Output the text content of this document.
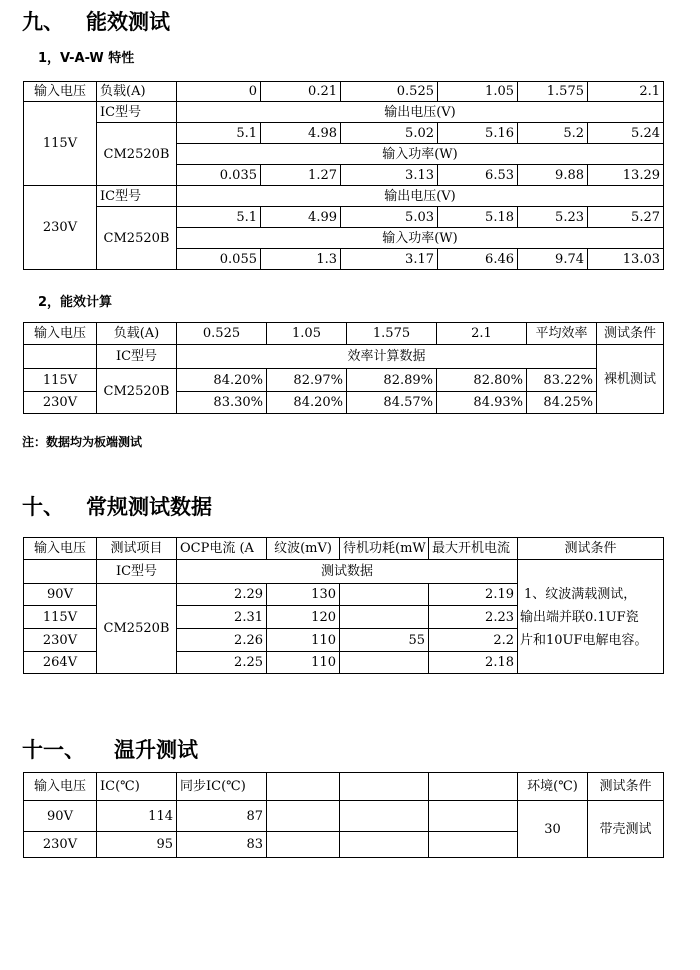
九、 能效测试
1，V-A-W 特性
输入电压	负载(A)	0	0.21	0.525	1.05	1.575	2.1
115V	IC型号	输出电压(V)					
	CM2520B	5.1	4.98	5.02	5.16	5.2	5.24
		输入功率(W)					
		0.035	1.27	3.13	6.53	9.88	13.29
230V	IC型号	输出电压(V)					
	CM2520B	5.1	4.99	5.03	5.18	5.23	5.27
		输入功率(W)					
		0.055	1.3	3.17	6.46	9.74	13.03
2，能效计算
输入电压	负载(A)	0.525	1.05	1.575	2.1	平均效率	测试条件
	IC型号	效率计算数据					裸机测试
115V	CM2520B	84.20%	82.97%	82.89%	82.80%	83.22%	
230V		83.30%	84.20%	84.57%	84.93%	84.25%	
注：数据均为板端测试
十、 常规测试数据
输入电压	测试项目	OCP电流 (A	纹波(mV)	待机功耗(mW	最大开机电流	测试条件
	IC型号	测试数据				
90V	CM2520B	2.29	130		2.19	1、纹波满载测试，
115V		2.31	120		2.23	输出端并联0.1UF瓷
230V		2.26	110	55	2.2	片和10UF电解电容。
264V		2.25	110		2.18	
十一、 温升测试
输入电压	IC(℃)	同步IC(℃)				环境(℃)	测试条件
90V	114	87				30	带壳测试
230V	95	83					
